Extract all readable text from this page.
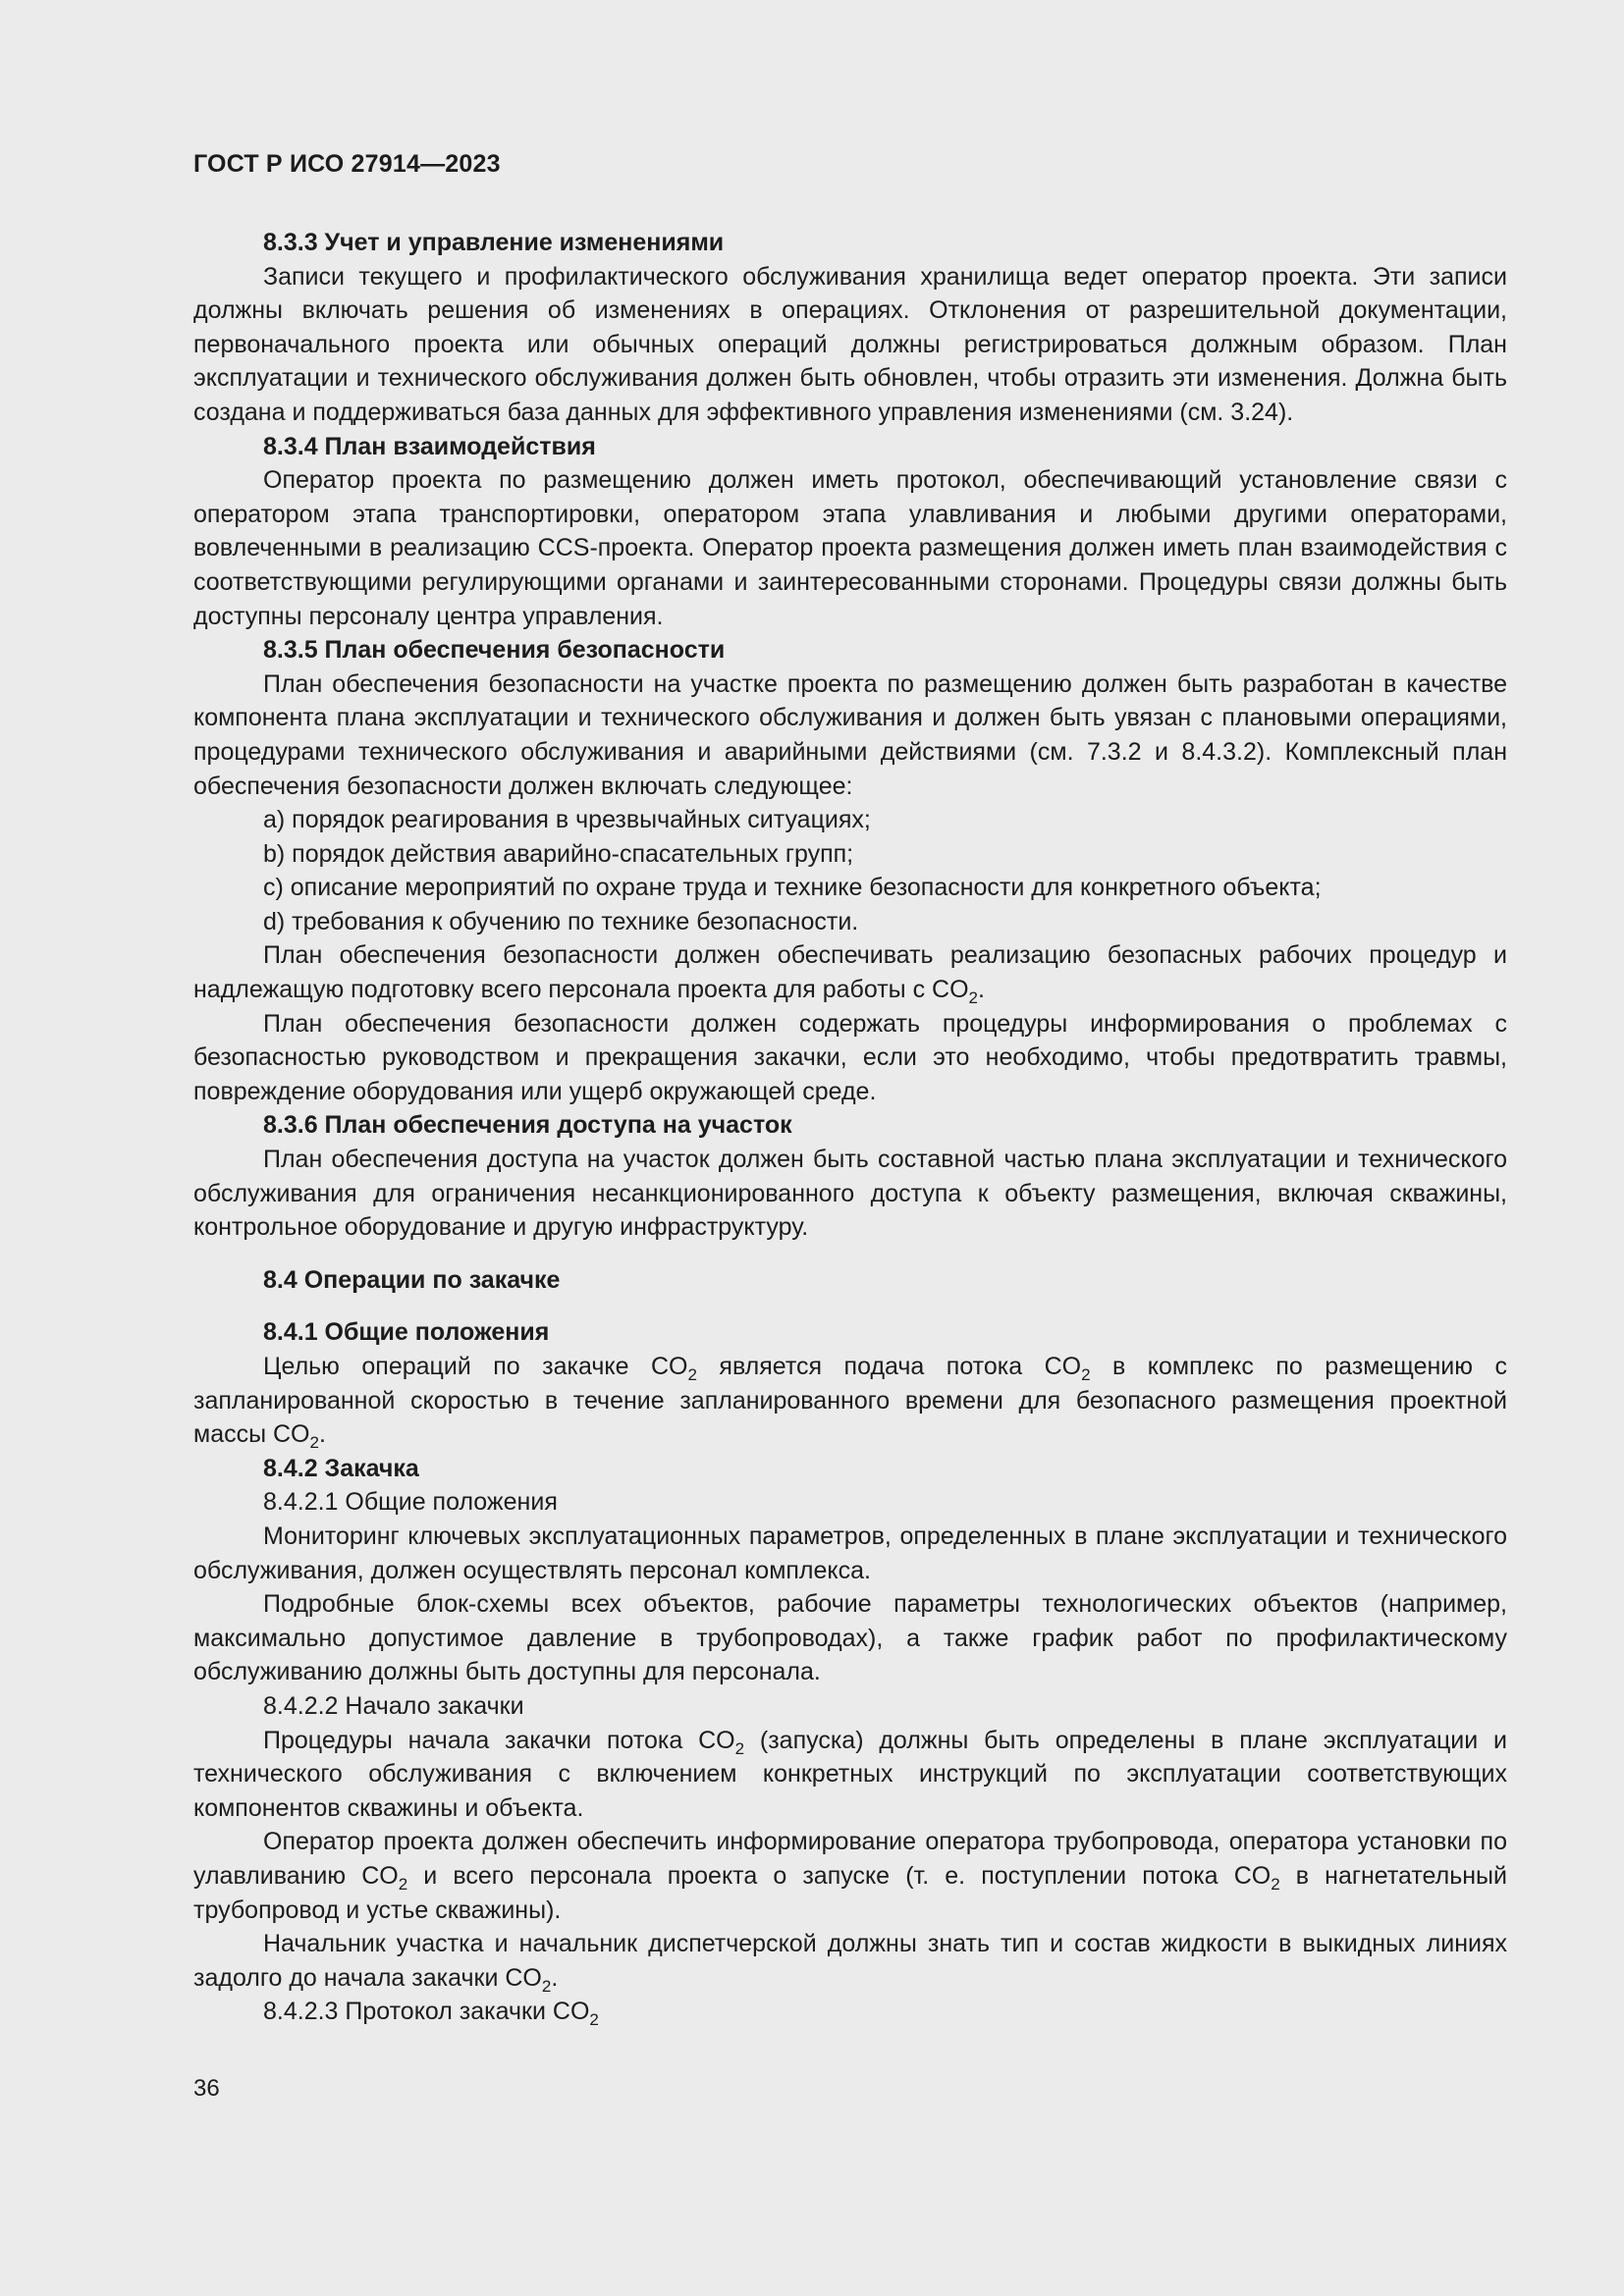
ГОСТ Р ИСО 27914—2023

8.3.3 Учет и управление изменениями

Записи текущего и профилактического обслуживания хранилища ведет оператор проекта. Эти записи должны включать решения об изменениях в операциях. Отклонения от разрешительной документации, первоначального проекта или обычных операций должны регистрироваться должным образом. План эксплуатации и технического обслуживания должен быть обновлен, чтобы отразить эти изменения. Должна быть создана и поддерживаться база данных для эффективного управления изменениями (см. 3.24).

8.3.4 План взаимодействия

Оператор проекта по размещению должен иметь протокол, обеспечивающий установление связи с оператором этапа транспортировки, оператором этапа улавливания и любыми другими операторами, вовлеченными в реализацию CCS-проекта. Оператор проекта размещения должен иметь план взаимодействия с соответствующими регулирующими органами и заинтересованными сторонами. Процедуры связи должны быть доступны персоналу центра управления.

8.3.5 План обеспечения безопасности

План обеспечения безопасности на участке проекта по размещению должен быть разработан в качестве компонента плана эксплуатации и технического обслуживания и должен быть увязан с плановыми операциями, процедурами технического обслуживания и аварийными действиями (см. 7.3.2 и 8.4.3.2). Комплексный план обеспечения безопасности должен включать следующее:

a) порядок реагирования в чрезвычайных ситуациях;

b) порядок действия аварийно-спасательных групп;

c) описание мероприятий по охране труда и технике безопасности для конкретного объекта;

d) требования к обучению по технике безопасности.

План обеспечения безопасности должен обеспечивать реализацию безопасных рабочих процедур и надлежащую подготовку всего персонала проекта для работы с $CO_2$.

План обеспечения безопасности должен содержать процедуры информирования о проблемах с безопасностью руководством и прекращения закачки, если это необходимо, чтобы предотвратить травмы, повреждение оборудования или ущерб окружающей среде.

8.3.6 План обеспечения доступа на участок

План обеспечения доступа на участок должен быть составной частью плана эксплуатации и технического обслуживания для ограничения несанкционированного доступа к объекту размещения, включая скважины, контрольное оборудование и другую инфраструктуру.

8.4 Операции по закачке

8.4.1 Общие положения

Целью операций по закачке $CO_2$ является подача потока $CO_2$ в комплекс по размещению с запланированной скоростью в течение запланированного времени для безопасного размещения проектной массы $CO_2$.

8.4.2 Закачка

8.4.2.1 Общие положения

Мониторинг ключевых эксплуатационных параметров, определенных в плане эксплуатации и технического обслуживания, должен осуществлять персонал комплекса.

Подробные блок-схемы всех объектов, рабочие параметры технологических объектов (например, максимально допустимое давление в трубопроводах), а также график работ по профилактическому обслуживанию должны быть доступны для персонала.

8.4.2.2 Начало закачки

Процедуры начала закачки потока $CO_2$ (запуска) должны быть определены в плане эксплуатации и технического обслуживания с включением конкретных инструкций по эксплуатации соответствующих компонентов скважины и объекта.

Оператор проекта должен обеспечить информирование оператора трубопровода, оператора установки по улавливанию $CO_2$ и всего персонала проекта о запуске (т. е. поступлении потока $CO_2$ в нагнетательный трубопровод и устье скважины).

Начальник участка и начальник диспетчерской должны знать тип и состав жидкости в выкидных линиях задолго до начала закачки $CO_2$.

8.4.2.3 Протокол закачки $CO_2$

36
